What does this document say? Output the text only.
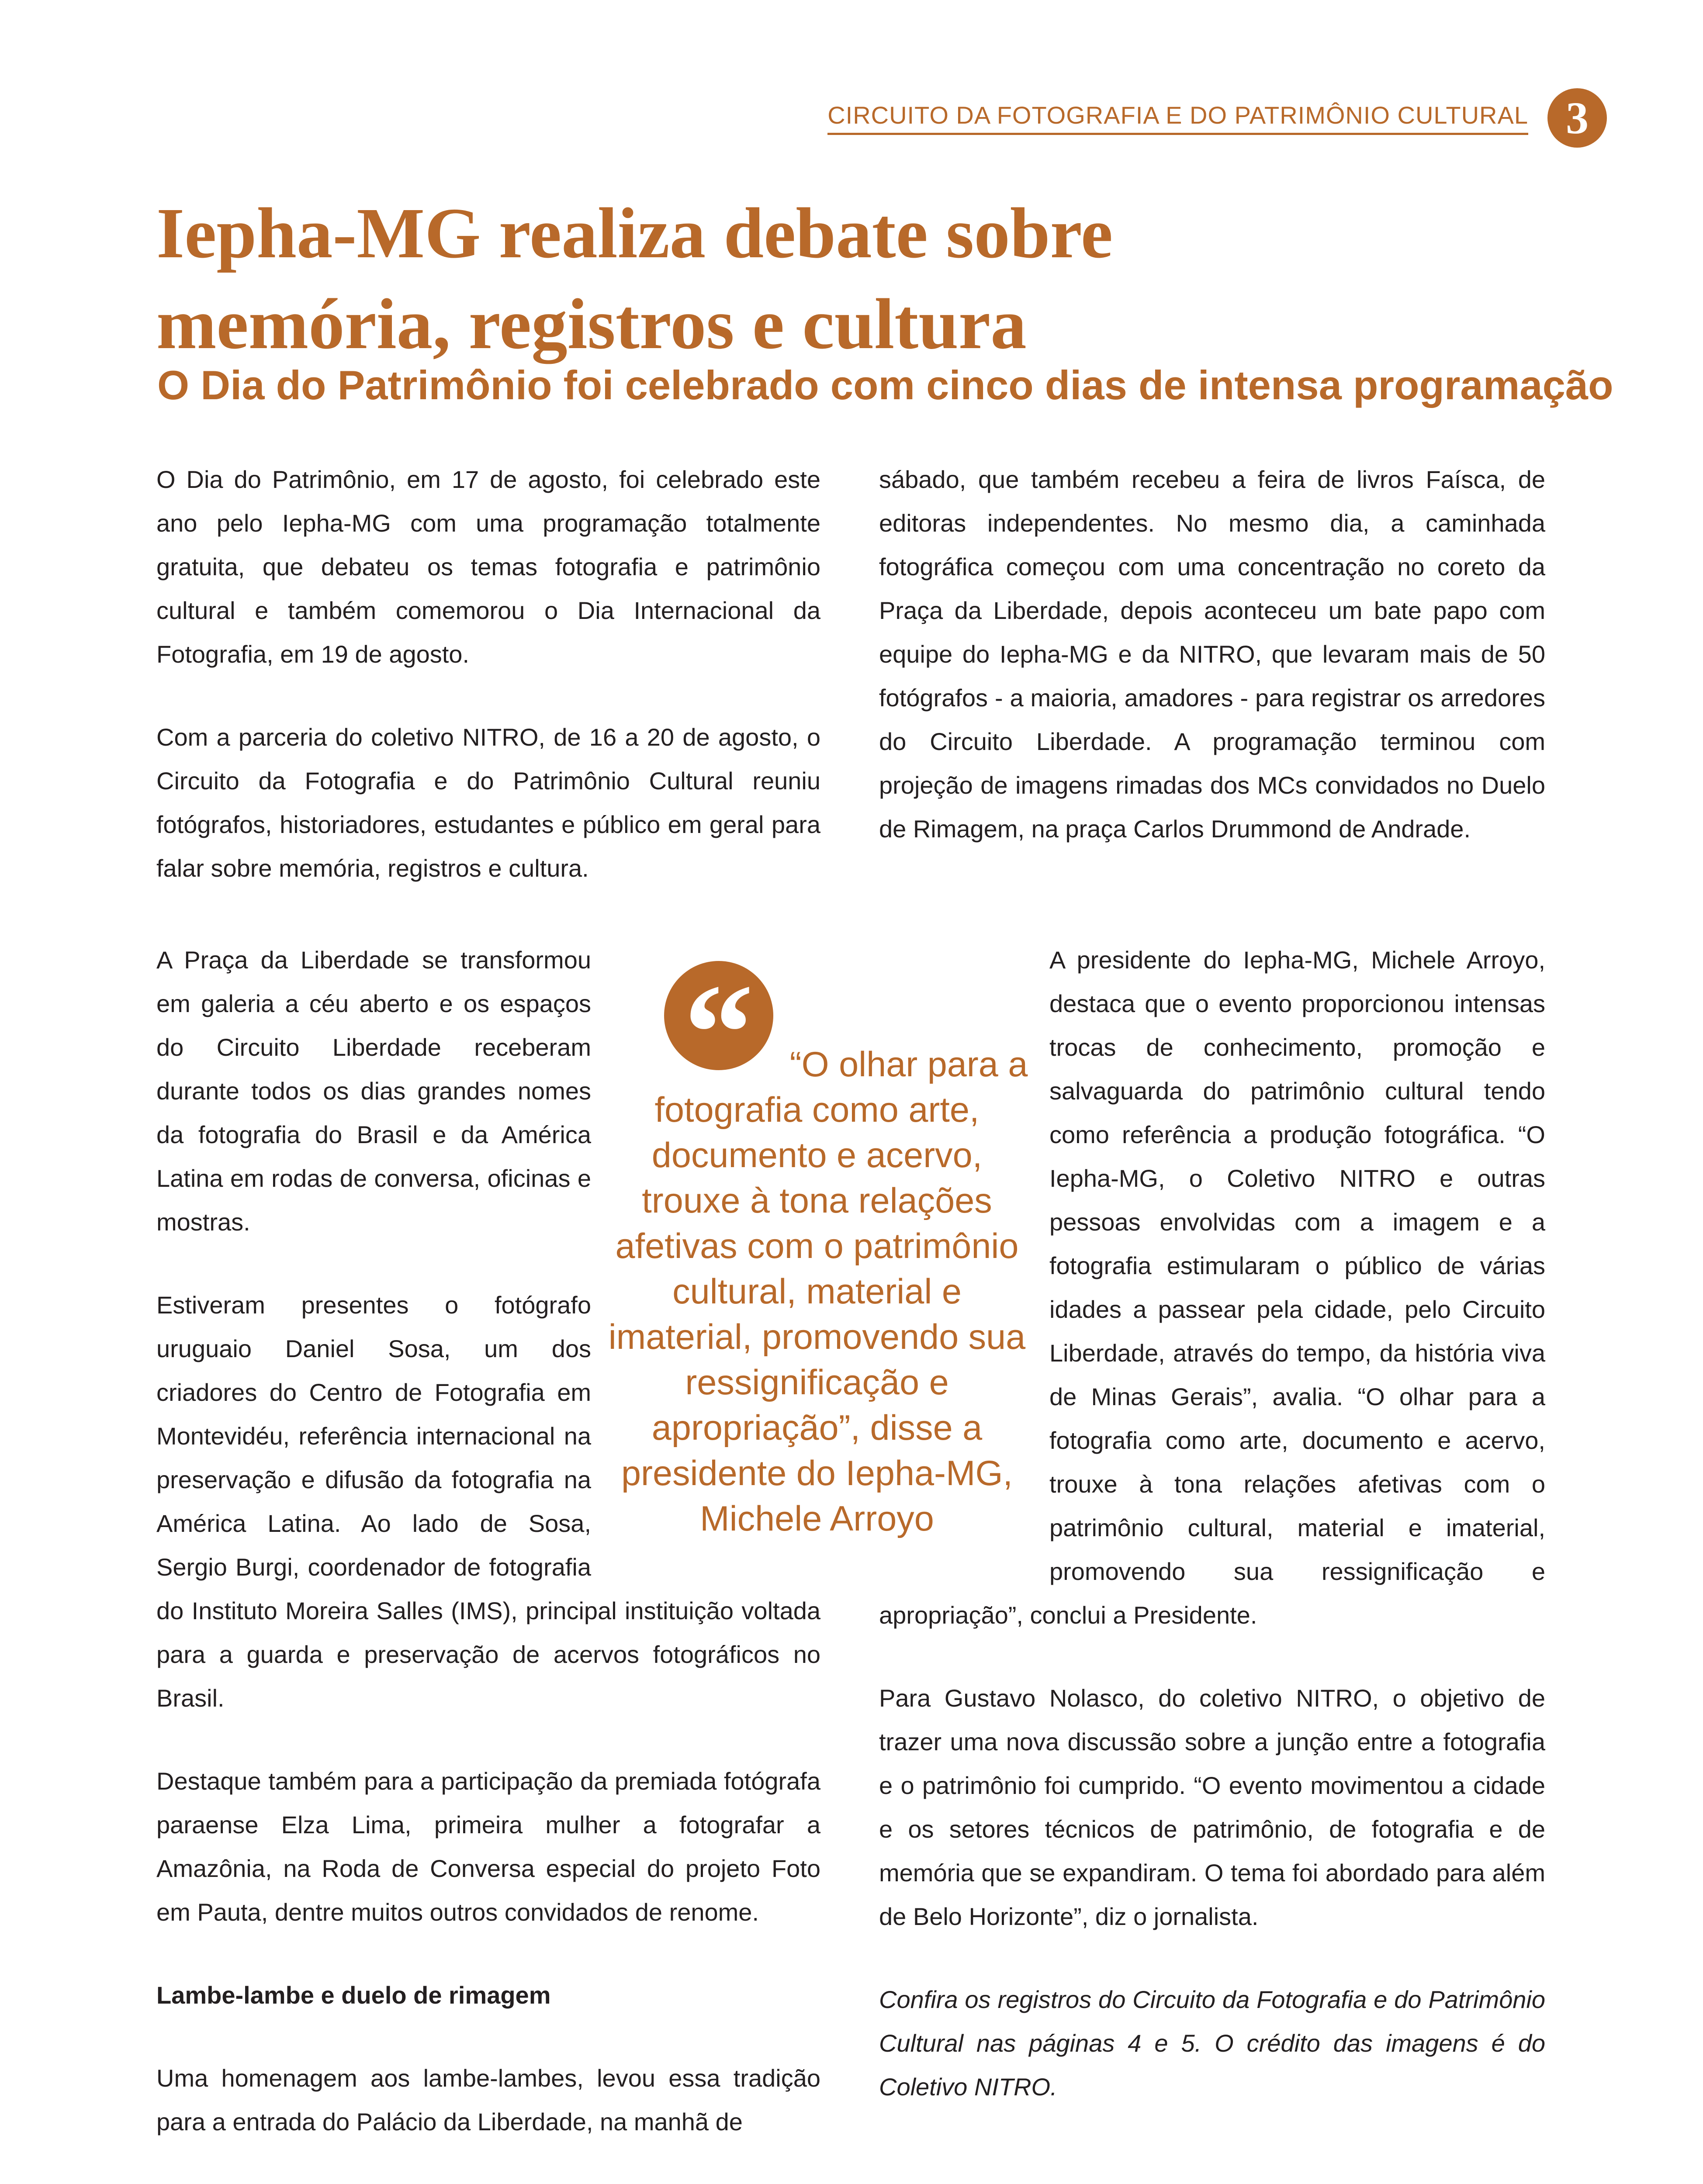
CIRCUITO DA FOTOGRAFIA E DO PATRIMÔNIO CULTURAL 3
Iepha-MG realiza debate sobre
memória, registros e cultura
O Dia do Patrimônio foi celebrado com cinco dias de intensa programação

O Dia do Patrimônio, em 17 de agosto, foi celebrado este ano pelo Iepha-MG com uma programação totalmente gratuita, que debateu os temas fotografia e patrimônio cultural e também comemorou o Dia Internacional da Fotografia, em 19 de agosto.

Com a parceria do coletivo NITRO, de 16 a 20 de agosto, o Circuito da Fotografia e do Patrimônio Cultural reuniu fotógrafos, historiadores, estudantes e público em geral para falar sobre memória, registros e cultura.

sábado, que também recebeu a feira de livros Faísca, de editoras independentes. No mesmo dia, a caminhada fotográfica começou com uma concentração no coreto da Praça da Liberdade, depois aconteceu um bate papo com equipe do Iepha-MG e da NITRO, que levaram mais de 50 fotógrafos - a maioria, amadores - para registrar os arredores do Circuito Liberdade. A programação terminou com projeção de imagens rimadas dos MCs convidados no Duelo de Rimagem, na praça Carlos Drummond de Andrade.

A Praça da Liberdade se transformou em galeria a céu aberto e os espaços do Circuito Liberdade receberam durante todos os dias grandes nomes da fotografia do Brasil e da América Latina em rodas de conversa, oficinas e mostras.

Estiveram presentes o fotógrafo uruguaio Daniel Sosa, um dos criadores do Centro de Fotografia em Montevidéu, referência internacional na preservação e difusão da fotografia na América Latina. Ao lado de Sosa, Sergio Burgi, coordenador de fotografia do Instituto Moreira Salles (IMS), principal instituição voltada para a guarda e preservação de acervos fotográficos no Brasil.

Destaque também para a participação da premiada fotógrafa paraense Elza Lima, primeira mulher a fotografar a Amazônia, na Roda de Conversa especial do projeto Foto em Pauta, dentre muitos outros convidados de renome.

Lambe-lambe e duelo de rimagem

Uma homenagem aos lambe-lambes, levou essa tradição para a entrada do Palácio da Liberdade, na manhã de

A presidente do Iepha-MG, Michele Arroyo, destaca que o evento proporcionou intensas trocas de conhecimento, promoção e salvaguarda do patrimônio cultural tendo como referência a produção fotográfica. “O Iepha-MG, o Coletivo NITRO e outras pessoas envolvidas com a imagem e a fotografia estimularam o público de várias idades a passear pela cidade, pelo Circuito Liberdade, através do tempo, da história viva de Minas Gerais”, avalia. “O olhar para a fotografia como arte, documento e acervo, trouxe à tona relações afetivas com o patrimônio cultural, material e imaterial, promovendo sua ressignificação e apropriação”, conclui a Presidente.

Para Gustavo Nolasco, do coletivo NITRO, o objetivo de trazer uma nova discussão sobre a junção entre a fotografia e o patrimônio foi cumprido. “O evento movimentou a cidade e os setores técnicos de patrimônio, de fotografia e de memória que se expandiram. O tema foi abordado para além de Belo Horizonte”, diz o jornalista.

Confira os registros do Circuito da Fotografia e do Patrimônio Cultural nas páginas 4 e 5. O crédito das imagens é do Coletivo NITRO.

“	“O olhar para a fotografia como arte, documento e acervo, trouxe à tona relações afetivas com o patrimônio cultural, material e imaterial, promovendo sua ressignificação e apropriação”, disse a presidente do Iepha-MG, Michele Arroyo
